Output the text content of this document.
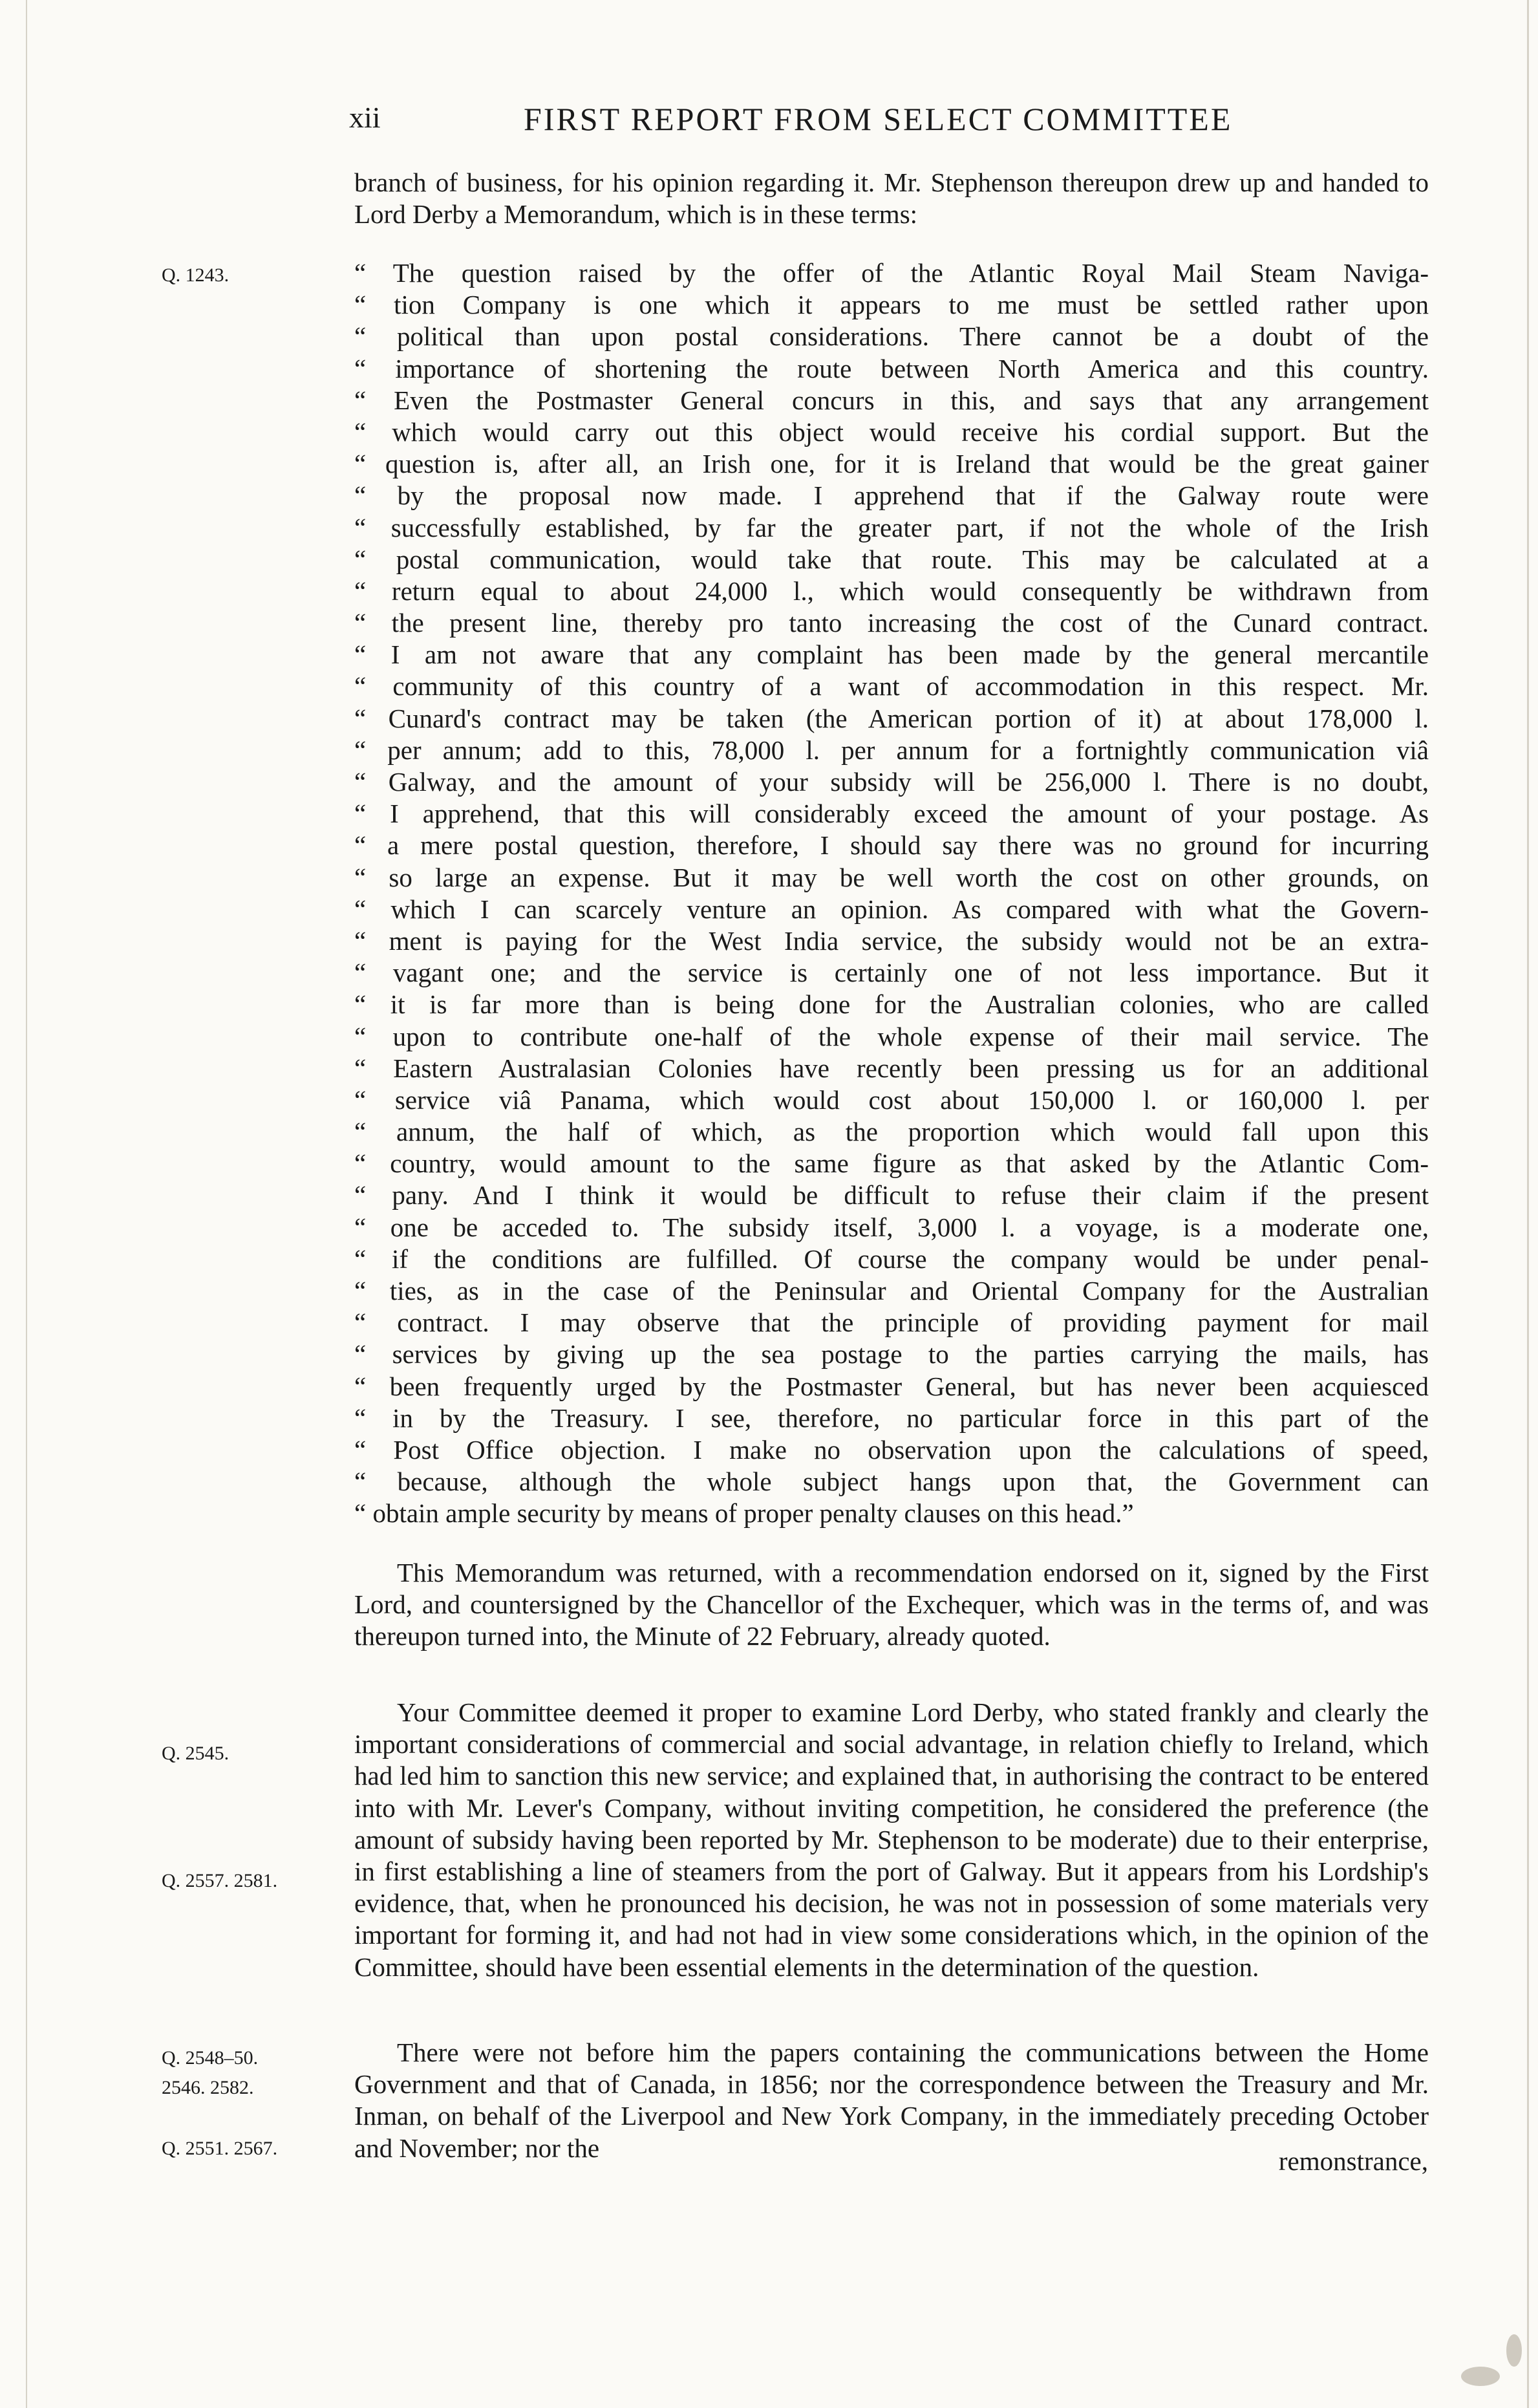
xii	FIRST REPORT FROM SELECT COMMITTEE
Q. 1243.
Q. 2545.
Q. 2557. 2581.
Q. 2548–50.
2546. 2582.
Q. 2551. 2567.

branch of business, for his opinion regarding it. Mr. Stephenson thereupon drew up and handed to Lord Derby a Memorandum, which is in these terms:

“ The question raised by the offer of the Atlantic Royal Mail Steam Naviga-
“ tion Company is one which it appears to me must be settled rather upon
“ political than upon postal considerations. There cannot be a doubt of the
“ importance of shortening the route between North America and this country.
“ Even the Postmaster General concurs in this, and says that any arrangement
“ which would carry out this object would receive his cordial support. But the
“ question is, after all, an Irish one, for it is Ireland that would be the great gainer
“ by the proposal now made. I apprehend that if the Galway route were
“ successfully established, by far the greater part, if not the whole of the Irish
“ postal communication, would take that route. This may be calculated at a
“ return equal to about 24,000 l., which would consequently be withdrawn from
“ the present line, thereby pro tanto increasing the cost of the Cunard contract.
“ I am not aware that any complaint has been made by the general mercantile
“ community of this country of a want of accommodation in this respect. Mr.
“ Cunard's contract may be taken (the American portion of it) at about 178,000 l.
“ per annum; add to this, 78,000 l. per annum for a fortnightly communication viâ
“ Galway, and the amount of your subsidy will be 256,000 l. There is no doubt,
“ I apprehend, that this will considerably exceed the amount of your postage. As
“ a mere postal question, therefore, I should say there was no ground for incurring
“ so large an expense. But it may be well worth the cost on other grounds, on
“ which I can scarcely venture an opinion. As compared with what the Govern-
“ ment is paying for the West India service, the subsidy would not be an extra-
“ vagant one; and the service is certainly one of not less importance. But it
“ it is far more than is being done for the Australian colonies, who are called
“ upon to contribute one-half of the whole expense of their mail service. The
“ Eastern Australasian Colonies have recently been pressing us for an additional
“ service viâ Panama, which would cost about 150,000 l. or 160,000 l. per
“ annum, the half of which, as the proportion which would fall upon this
“ country, would amount to the same figure as that asked by the Atlantic Com-
“ pany. And I think it would be difficult to refuse their claim if the present
“ one be acceded to. The subsidy itself, 3,000 l. a voyage, is a moderate one,
“ if the conditions are fulfilled. Of course the company would be under penal-
“ ties, as in the case of the Peninsular and Oriental Company for the Australian
“ contract. I may observe that the principle of providing payment for mail
“ services by giving up the sea postage to the parties carrying the mails, has
“ been frequently urged by the Postmaster General, but has never been acquiesced
“ in by the Treasury. I see, therefore, no particular force in this part of the
“ Post Office objection. I make no observation upon the calculations of speed,
“ because, although the whole subject hangs upon that, the Government can
“ obtain ample security by means of proper penalty clauses on this head.”

This Memorandum was returned, with a recommendation endorsed on it, signed by the First Lord, and countersigned by the Chancellor of the Exchequer, which was in the terms of, and was thereupon turned into, the Minute of 22 February, already quoted.

Your Committee deemed it proper to examine Lord Derby, who stated frankly and clearly the important considerations of commercial and social advantage, in relation chiefly to Ireland, which had led him to sanction this new service; and explained that, in authorising the contract to be entered into with Mr. Lever's Company, without inviting competition, he considered the preference (the amount of subsidy having been reported by Mr. Stephenson to be moderate) due to their enterprise, in first establishing a line of steamers from the port of Galway. But it appears from his Lordship's evidence, that, when he pronounced his decision, he was not in possession of some materials very important for forming it, and had not had in view some considerations which, in the opinion of the Committee, should have been essential elements in the determination of the question.

There were not before him the papers containing the communications between the Home Government and that of Canada, in 1856; nor the correspondence between the Treasury and Mr. Inman, on behalf of the Liverpool and New York Company, in the immediately preceding October and November; nor the	remonstrance,
